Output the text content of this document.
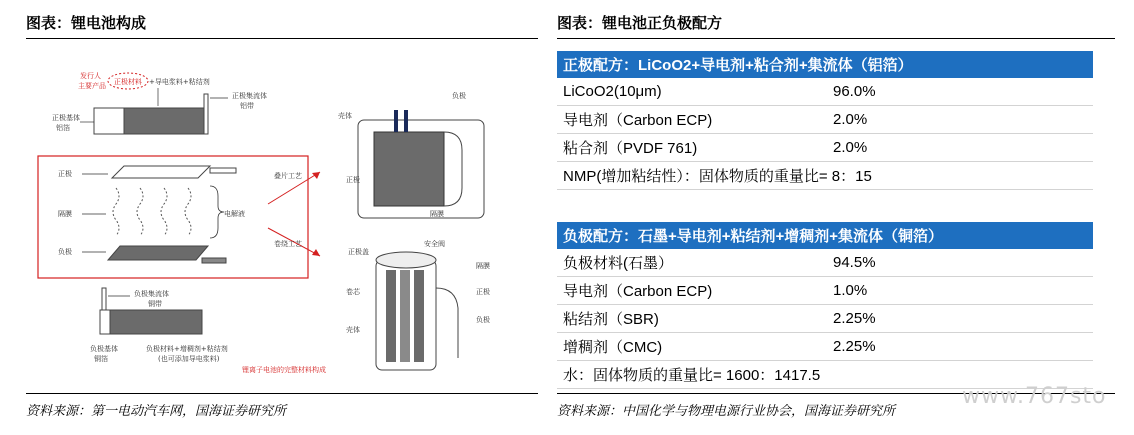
图表：锂电池构成
发行人
主要产品 正极材料 +导电浆料+粘结剂
正极集流体
铝带
正极基体
铝箔
正极
隔膜	电解液
负极
叠片工艺
卷绕工艺
负极集流体
铜带
负极基体
铜箔
负极材料+增稠剂+粘结剂
(也可添加导电浆料)
壳体
负极
正极
隔膜
正极盖
安全阀
隔膜
正极
负极
卷芯
壳体
锂离子电池的完整材料构成
资料来源：第一电动汽车网，国海证券研究所
图表：锂电池正负极配方
正极配方：LiCoO2+导电剂+粘合剂+集流体（铝箔）	
LiCoO2(10μm)	96.0%
导电剂（Carbon ECP)	2.0%
粘合剂（PVDF 761)	2.0%
NMP(增加粘结性）：固体物质的重量比= 8：15	
负极配方：石墨+导电剂+粘结剂+增稠剂+集流体（铜箔）	
负极材料(石墨）	94.5%
导电剂（Carbon ECP)	1.0%
粘结剂（SBR)	2.25%
增稠剂（CMC)	2.25%
水：固体物质的重量比= 1600：1417.5	
资料来源：中国化学与物理电源行业协会，国海证券研究所
www.767sto
